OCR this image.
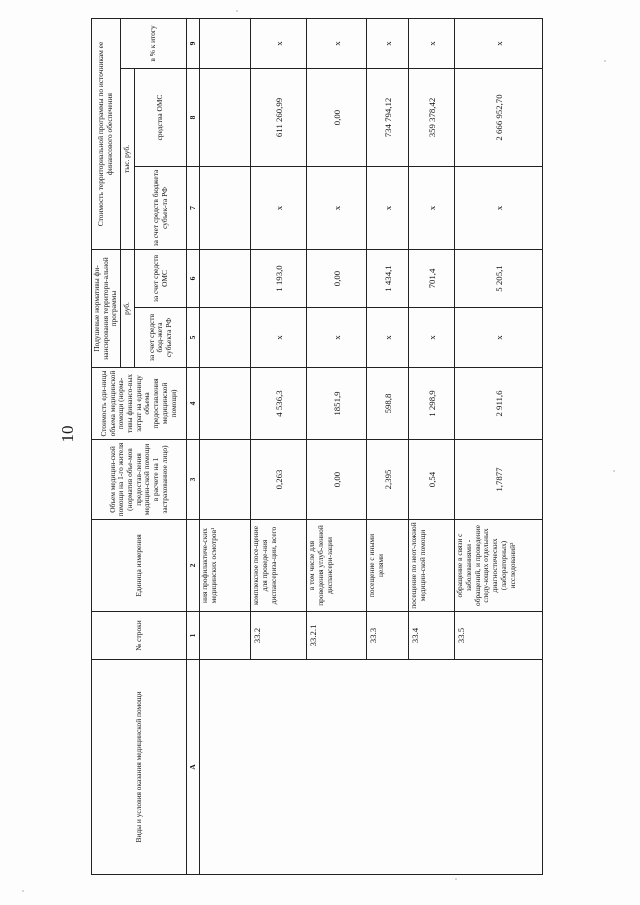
10
Виды и условия оказания медицинской помощи	№ строки	Единица измерения	Объем медицин-ской помощи на 1-го жителя (норматив объе-мов предостав-ления медицин-ской помощи в расчете на 1 застрахованное лицо)	Стоимость еди-ницы объема медицинской помощи (норма-тивы финансо-вых затрат на единицу объема предоставления медицинской помощи)	Подушевые нормативы фи-нансирования территори-альной программы		Стоимость территориальной программы по источникам ее финансового обеспечения		
					руб.		тыс. руб.		в % к итогу
					за счет средств бюд-жета субъекта РФ	за счет средств ОМС	за счет средств бюджета субъек-та РФ	средства ОМС	
А	1	2	3	4	5	6	7	8	9
		ния профилактиче-ских медицинских осмотров¹							
	33.2	комплексное посе-щение для проведе-ния диспансериза-ции, всего	0,263	4 536,3	х	1 193,0	х	611 260,99	х
	33.2.1	в том числе для проведения углуб-ленной диспансери-зации	0,00	1851,9	х	0,00	х	0,00	х
	33.3	посещение с иными целями	2,395	598,8	х	1 434,1	х	734 794,12	х
	33.4	посещение по неот-ложной медицин-ской помощи	0,54	1 298,9	х	701,4	х	359 378,42	х
	33.5	обращение в связи с заболеваниями - обращений, и проведение следу-ющих отдельных диагностических (лабораторных) исследований²	1,7877	2 911,6	х	5 205,1	х	2 666 952,70	х
